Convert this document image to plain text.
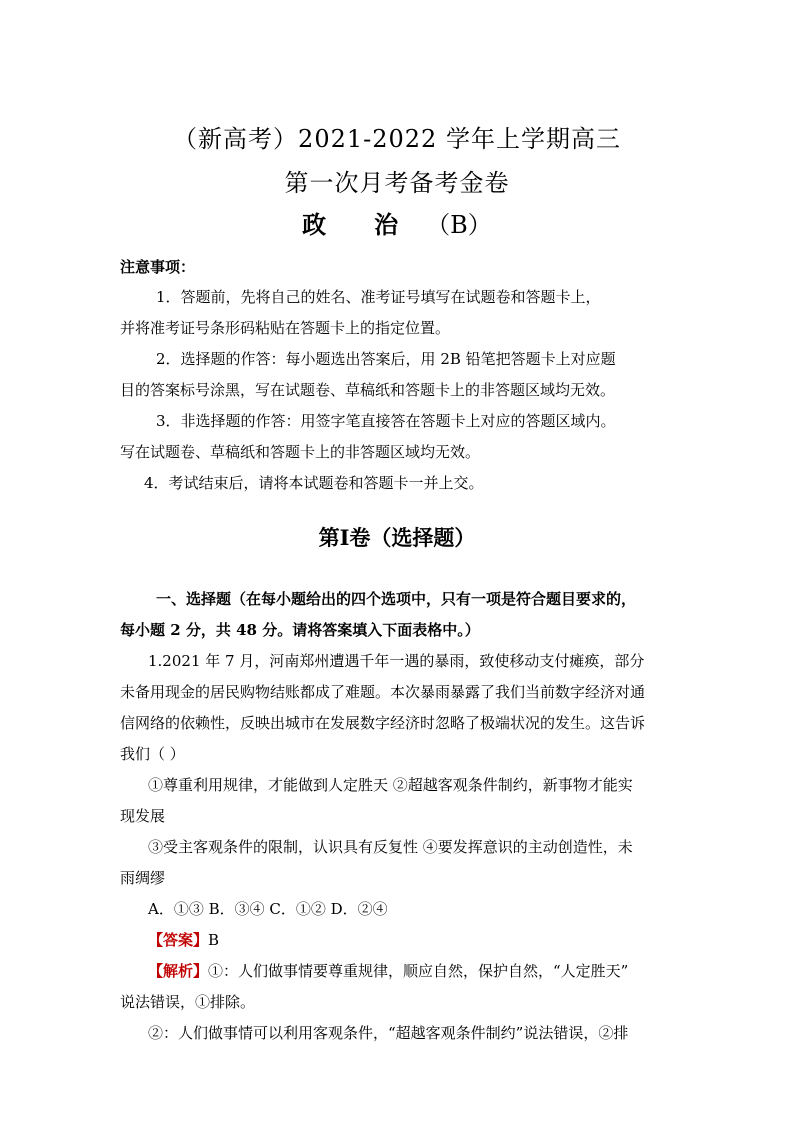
（新高考）2021-2022 学年上学期高三
第一次月考备考金卷
政 治 （B）
注意事项：
1．答题前，先将自己的姓名、准考证号填写在试题卷和答题卡上，
并将准考证号条形码粘贴在答题卡上的指定位置。
2．选择题的作答：每小题选出答案后，用 2B 铅笔把答题卡上对应题
目的答案标号涂黑，写在试题卷、草稿纸和答题卡上的非答题区域均无效。
3．非选择题的作答：用签字笔直接答在答题卡上对应的答题区域内。
写在试题卷、草稿纸和答题卡上的非答题区域均无效。
4．考试结束后，请将本试题卷和答题卡一并上交。
第Ⅰ卷（选择题）
一、选择题（在每小题给出的四个选项中，只有一项是符合题目要求的，
每小题 2 分，共 48 分。请将答案填入下面表格中。）
1.2021 年 7 月，河南郑州遭遇千年一遇的暴雨，致使移动支付瘫痪，部分
未备用现金的居民购物结账都成了难题。本次暴雨暴露了我们当前数字经济对通
信网络的依赖性，反映出城市在发展数字经济时忽略了极端状况的发生。这告诉
我们（ ）
①尊重利用规律，才能做到人定胜天 ②超越客观条件制约，新事物才能实
现发展
③受主客观条件的限制，认识具有反复性 ④要发挥意识的主动创造性，未
雨绸缪
A．①③ B．③④ C．①② D．②④
【答案】B
【解析】①：人们做事情要尊重规律，顺应自然，保护自然，“人定胜天”
说法错误，①排除。
②：人们做事情可以利用客观条件，“超越客观条件制约”说法错误，②排
